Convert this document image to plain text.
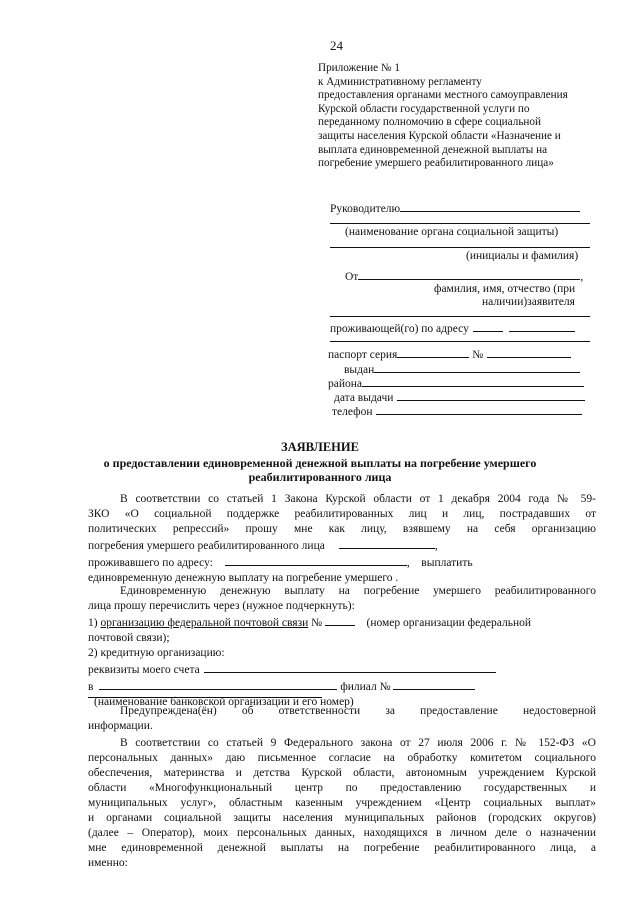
24
Приложение № 1
к Административному регламенту
предоставления органами местного самоуправления
Курской области государственной услуги по
переданному полномочию в сфере социальной
защиты населения Курской области «Назначение и
выплата единовременной денежной выплаты на
погребение умершего реабилитированного лица»
Руководителю
(наименование органа социальной защиты)
(инициалы и фамилия)
От	,
фамилия, имя, отчество (при
наличии)заявителя
проживающей(го) по адресу
паспорт серия	№
выдан
района
дата выдачи
телефон
ЗАЯВЛЕНИЕ
о предоставлении единовременной денежной выплаты на погребение умершего
реабилитированного лица
В соответствии со статьей 1 Закона Курской области от 1 декабря 2004 года № 59-
ЗКО «О социальной поддержке реабилитированных лиц и лиц, пострадавших от
политических репрессий» прошу мне как лицу, взявшему на себя организацию
погребения умершего реабилитированного лица	,
проживавшего по адресу:	,    выплатить
единовременную денежную выплату на погребение умершего .
Единовременную денежную выплату на погребение умершего реабилитированного
лица прошу перечислить через (нужное подчеркнуть):
1) организацию федеральной почтовой связи №	(номер организации федеральной
почтовой связи);
2) кредитную организацию:
реквизиты моего счета
в	филиал №
(наименование банковской организации и его номер)
Предупреждена(ён) об ответственности за предоставление недостоверной
информации.
В соответствии со статьей 9 Федерального закона от 27 июля 2006 г. № 152-ФЗ «О
персональных данных» даю письменное согласие на обработку комитетом социального
обеспечения, материнства и детства Курской области, автономным учреждением Курской
области «Многофункциональный центр по предоставлению государственных и
муниципальных услуг», областным казенным учреждением «Центр социальных выплат»
и органами социальной защиты населения муниципальных районов (городских округов)
(далее – Оператор), моих персональных данных, находящихся в личном деле о назначении
мне единовременной денежной выплаты на погребение реабилитированного лица, а
именно:
